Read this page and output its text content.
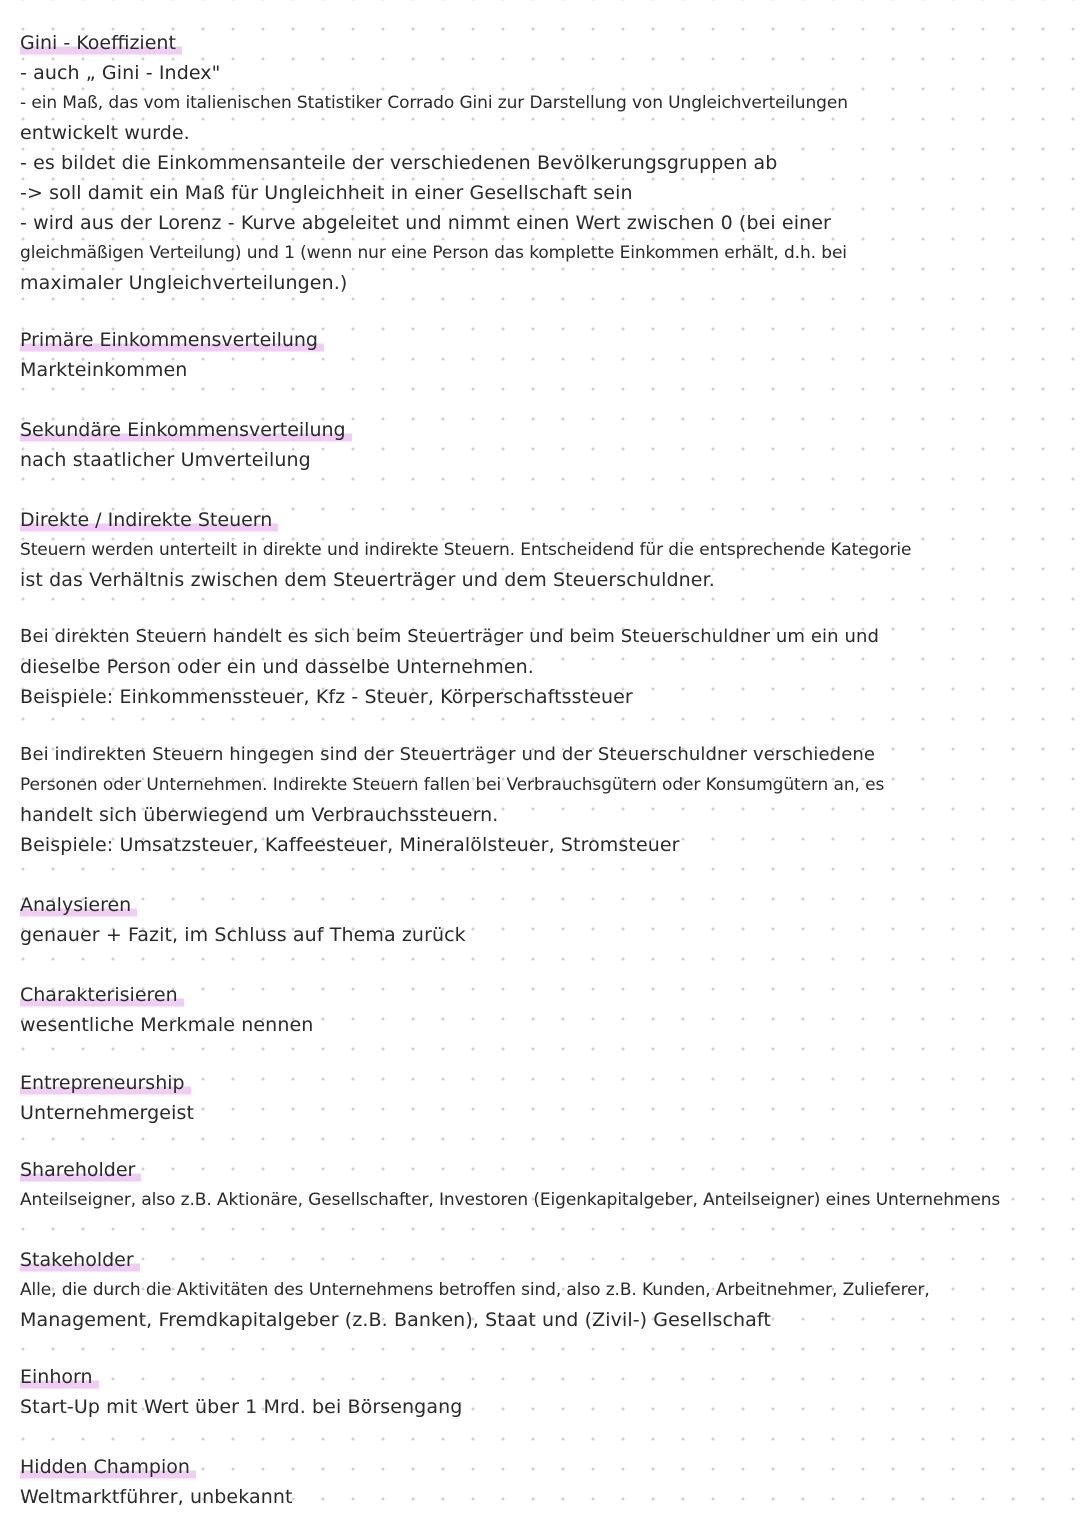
Gini - Koeffizient
- auch „ Gini - Index"
- ein Maß, das vom italienischen Statistiker Corrado Gini zur Darstellung von Ungleichverteilungen
entwickelt wurde.
- es bildet die Einkommensanteile der verschiedenen Bevölkerungsgruppen ab
-> soll damit ein Maß für Ungleichheit in einer Gesellschaft sein
- wird aus der Lorenz - Kurve abgeleitet und nimmt einen Wert zwischen 0 (bei einer
gleichmäßigen Verteilung) und 1 (wenn nur eine Person das komplette Einkommen erhält, d.h. bei
maximaler Ungleichverteilungen.)
Primäre Einkommensverteilung
Markteinkommen
Sekundäre Einkommensverteilung
nach staatlicher Umverteilung
Direkte / Indirekte Steuern
Steuern werden unterteilt in direkte und indirekte Steuern. Entscheidend für die entsprechende Kategorie
ist das Verhältnis zwischen dem Steuerträger und dem Steuerschuldner.
Bei direkten Steuern handelt es sich beim Steuerträger und beim Steuerschuldner um ein und
dieselbe Person oder ein und dasselbe Unternehmen.
Beispiele: Einkommenssteuer, Kfz - Steuer, Körperschaftssteuer
Bei indirekten Steuern hingegen sind der Steuerträger und der Steuerschuldner verschiedene
Personen oder Unternehmen. Indirekte Steuern fallen bei Verbrauchsgütern oder Konsumgütern an, es
handelt sich überwiegend um Verbrauchssteuern.
Beispiele: Umsatzsteuer, Kaffeesteuer, Mineralölsteuer, Stromsteuer
Analysieren
genauer + Fazit, im Schluss auf Thema zurück
Charakterisieren
wesentliche Merkmale nennen
Entrepreneurship
Unternehmergeist
Shareholder
Anteilseigner, also z.B. Aktionäre, Gesellschafter, Investoren (Eigenkapitalgeber, Anteilseigner) eines Unternehmens
Stakeholder
Alle, die durch die Aktivitäten des Unternehmens betroffen sind, also z.B. Kunden, Arbeitnehmer, Zulieferer,
Management, Fremdkapitalgeber (z.B. Banken), Staat und (Zivil-) Gesellschaft
Einhorn
Start-Up mit Wert über 1 Mrd. bei Börsengang
Hidden Champion
Weltmarktführer, unbekannt
